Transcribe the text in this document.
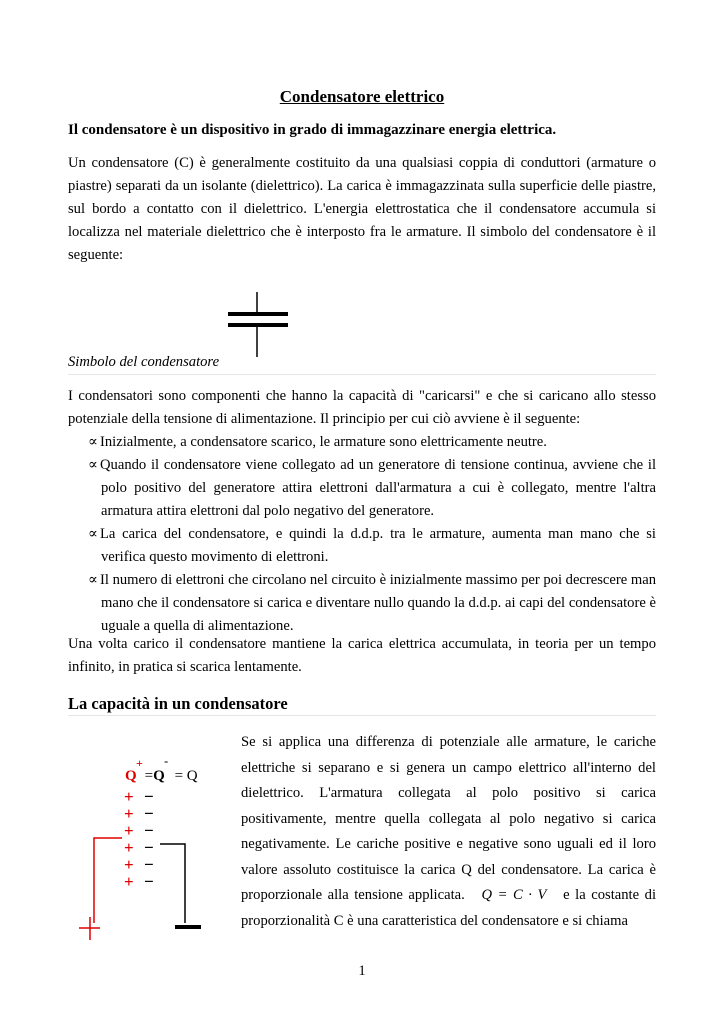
Condensatore elettrico
Il condensatore è un dispositivo in grado di immagazzinare energia elettrica.
Un condensatore (C) è generalmente costituito da una qualsiasi coppia di conduttori (armature o piastre) separati da un isolante (dielettrico). La carica è immagazzinata sulla superficie delle piastre, sul bordo a contatto con il dielettrico. L'energia elettrostatica che il condensatore accumula si localizza nel materiale dielettrico che è interposto fra le armature. Il simbolo del condensatore è il seguente:
Simbolo del condensatore
I condensatori sono componenti che hanno la capacità di "caricarsi" e che si caricano allo stesso potenziale della tensione di alimentazione. Il principio per cui ciò avviene è il seguente:
∝ Inizialmente, a condensatore scarico, le armature sono elettricamente neutre.
∝ Quando il condensatore viene collegato ad un generatore di tensione continua, avviene che il polo positivo del generatore attira elettroni dall'armatura a cui è collegato, mentre l'altra armatura attira elettroni dal polo negativo del generatore.
∝ La carica del condensatore, e quindi la d.d.p. tra le armature, aumenta man mano che si verifica questo movimento di elettroni.
∝ Il numero di elettroni che circolano nel circuito è inizialmente massimo per poi decrescere man mano che il condensatore si carica e diventare nullo quando la d.d.p. ai capi del condensatore è uguale a quella di alimentazione.
Una volta carico il condensatore mantiene la carica elettrica accumulata, in teoria per un tempo infinito, in pratica si scarica lentamente.
La capacità in un condensatore
Se si applica una differenza di potenziale alle armature, le cariche elettriche si separano e si genera un campo elettrico all'interno del dielettrico. L'armatura collegata al polo positivo si carica positivamente, mentre quella collegata al polo negativo si carica negativamente. Le cariche positive e negative sono uguali ed il loro valore assoluto costituisce la carica Q del condensatore. La carica è proporzionale alla tensione applicata. Q = C · V e la costante di proporzionalità C è una caratteristica del condensatore e si chiama
Q
+
=Q
-
= Q
+
+
+
+
+
+
−
−
−
−
−
−
1
